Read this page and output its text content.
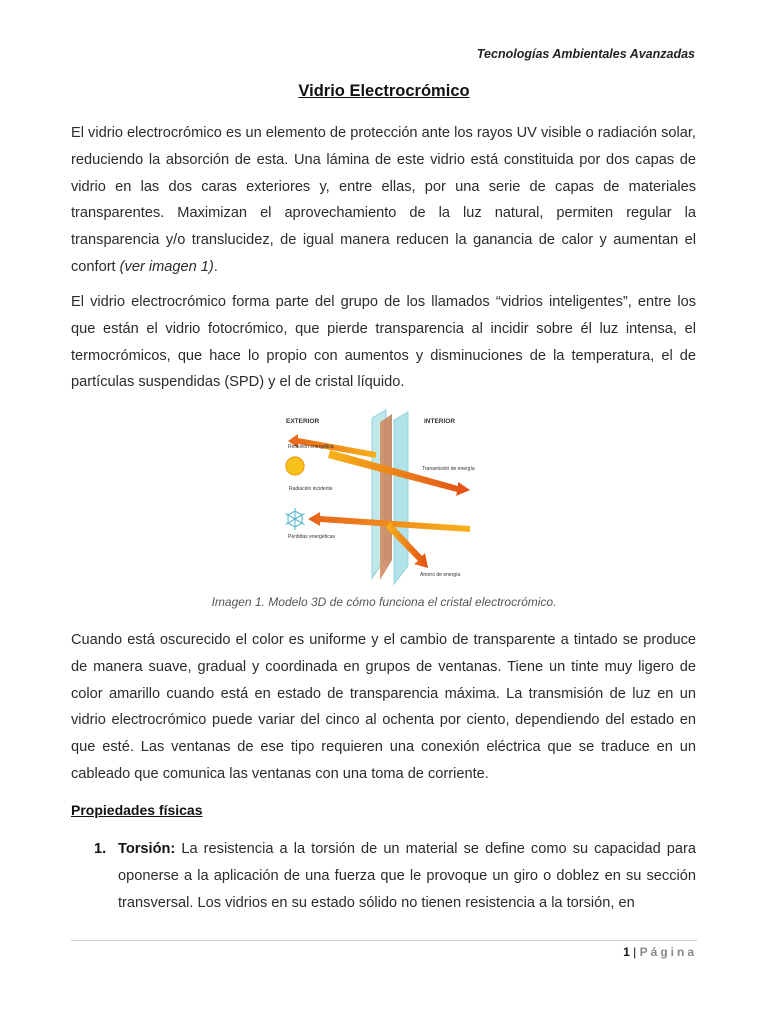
Tecnologías Ambientales Avanzadas
Vidrio Electrocrómico

El vidrio electrocrómico es un elemento de protección ante los rayos UV visible o radiación solar, reduciendo la absorción de esta. Una lámina de este vidrio está constituida por dos capas de vidrio en las dos caras exteriores y, entre ellas, por una serie de capas de materiales transparentes. Maximizan el aprovechamiento de la luz natural, permiten regular la transparencia y/o translucidez, de igual manera reducen la ganancia de calor y aumentan el confort (ver imagen 1).

El vidrio electrocrómico forma parte del grupo de los llamados “vidrios inteligentes”, entre los que están el vidrio fotocrómico, que pierde transparencia al incidir sobre él luz intensa, el termocrómicos, que hace lo propio con aumentos y disminuciones de la temperatura, el de partículas suspendidas (SPD) y el de cristal líquido.

EXTERIOR	INTERIOR
Reflexión energética
Tranamisión de energía
Radiación incidente
Pérdidas energéticas
Ahorro de energía
Imagen 1. Modelo 3D de cómo funciona el cristal electrocrómico.

Cuando está oscurecido el color es uniforme y el cambio de transparente a tintado se produce de manera suave, gradual y coordinada en grupos de ventanas. Tiene un tinte muy ligero de color amarillo cuando está en estado de transparencia máxima. La transmisión de luz en un vidrio electrocrómico puede variar del cinco al ochenta por ciento, dependiendo del estado en que esté. Las ventanas de ese tipo requieren una conexión eléctrica que se traduce en un cableado que comunica las ventanas con una toma de corriente.

Propiedades físicas
1. Torsión: La resistencia a la torsión de un material se define como su capacidad para oponerse a la aplicación de una fuerza que le provoque un giro o doblez en su sección transversal. Los vidrios en su estado sólido no tienen resistencia a la torsión, en

1 | Página
